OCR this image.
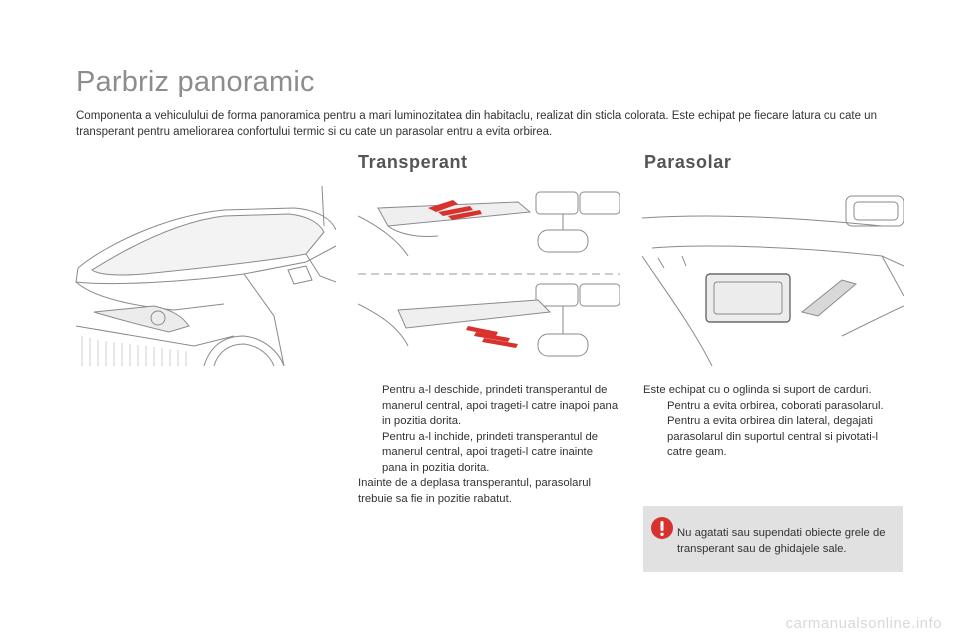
Parbriz panoramic

Componenta a vehiculului de forma panoramica pentru a mari luminozitatea din habitaclu, realizat din sticla colorata. Este echipat pe fiecare latura cu cate un transperant pentru ameliorarea confortului termic si cu cate un parasolar entru a evita orbirea.

Transperant	Parasolar

Pentru a-l deschide, prindeti transperantul de manerul central, apoi trageti-l catre inapoi pana in pozitia dorita.

Pentru a-l inchide, prindeti transperantul de manerul central, apoi trageti-l catre inainte pana in pozitia dorita.

Inainte de a deplasa transperantul, parasolarul trebuie sa fie in pozitie rabatut.

Este echipat cu o oglinda si suport de carduri.

Pentru a evita orbirea, coborati parasolarul.

Pentru a evita orbirea din lateral, degajati parasolarul din suportul central si pivotati-l catre geam.

Nu agatati sau supendati obiecte grele de transperant sau de ghidajele sale.

carmanualsonline.info
